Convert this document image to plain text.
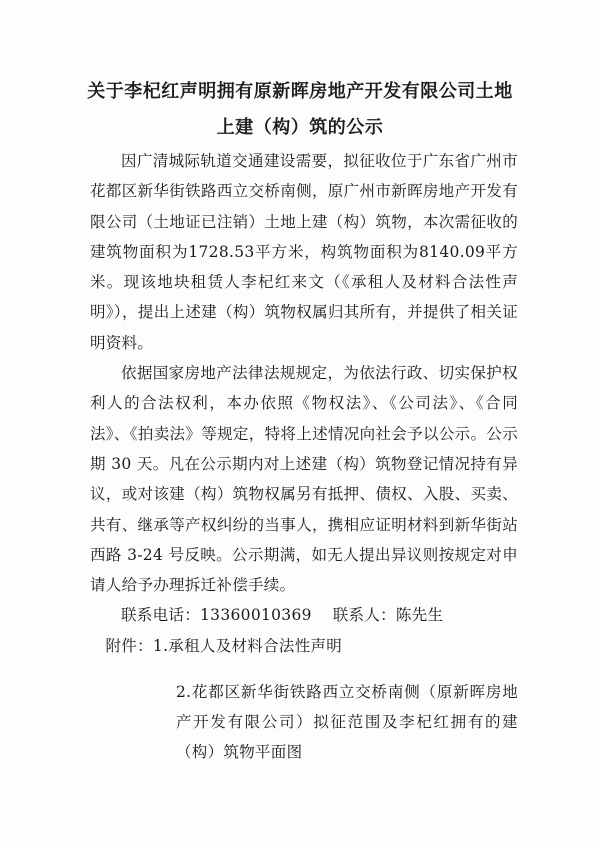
关于李杞红声明拥有原新晖房地产开发有限公司土地
上建（构）筑的公示

因广清城际轨道交通建设需要，拟征收位于广东省广州市花都区新华街铁路西立交桥南侧，原广州市新晖房地产开发有限公司（土地证已注销）土地上建（构）筑物，本次需征收的建筑物面积为1728.53平方米，构筑物面积为8140.09平方米。现该地块租赁人李杞红来文（《承租人及材料合法性声明》），提出上述建（构）筑物权属归其所有，并提供了相关证明资料。

依据国家房地产法律法规规定，为依法行政、切实保护权利人的合法权利，本办依照《物权法》、《公司法》、《合同法》、《拍卖法》等规定，特将上述情况向社会予以公示。公示期 30 天。凡在公示期内对上述建（构）筑物登记情况持有异议，或对该建（构）筑物权属另有抵押、债权、入股、买卖、共有、继承等产权纠纷的当事人，携相应证明材料到新华街站西路 3-24 号反映。公示期满，如无人提出异议则按规定对申请人给予办理拆迁补偿手续。

联系电话：13360010369 联系人：陈先生

附件：1.承租人及材料合法性声明

2.花都区新华街铁路西立交桥南侧（原新晖房地产开发有限公司）拟征范围及李杞红拥有的建（构）筑物平面图
